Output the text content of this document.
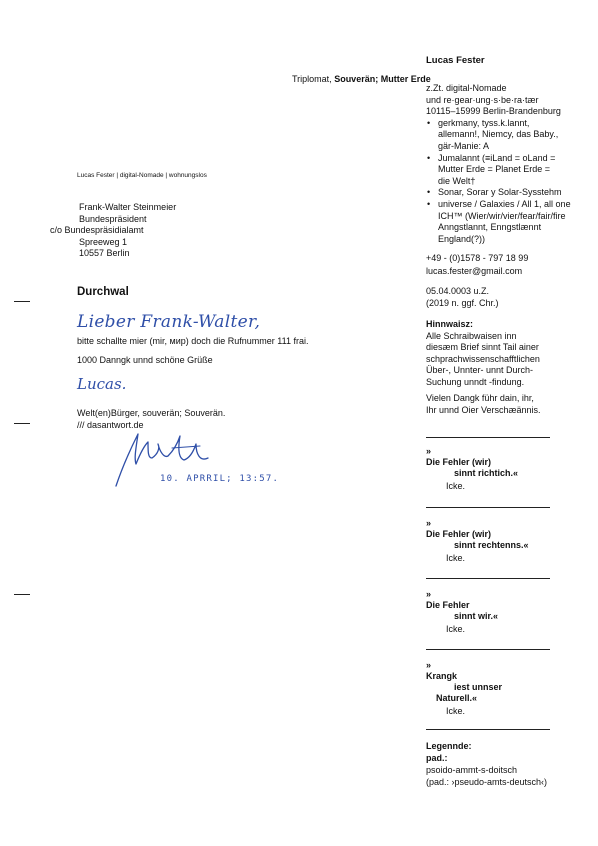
Triplomat, Souverän; Mutter Erde
Lucas Fester
z.Zt. digital-Nomade
und re·gear·ung·s·be·ra·tær
10115–15999 Berlin-Brandenburg
• gerkmany, tyss.k.lannt,
allemann!, Niemcy, das Baby.,
gär-Manie: A
• Jumalannt (≡iLand = oLand =
Mutter Erde = Planet Erde =
die Welt†
• Sonar, Sorar y Solar-Sysstehm
• universe / Galaxies / All 1, all one
ICH™ (Wier/wir/vier/fear/fair/fire
Anngstlannt, Enngstlænnt
England(?))
+49 - (0)1578 - 797 18 99
lucas.fester@gmail.com
05.04.0003 u.Z.
(2019 n. ggf. Chr.)
Hinnwaisz:
Alle Schraibwaisen inn
diesæm Brief sinnt Tail ainer
schprachwissenschafftlichen
Über-, Unnter- unnt Durch-
Suchung unndt -findung.
Vielen Dangk führ dain, ihr,
Ihr unnd Oier Verschæännis.
»
Die Fehler (wir)
sinnt richtich.«
Icke.
»
Die Fehler (wir)
sinnt rechtenns.«
Icke.
»
Die Fehler
sinnt wir.«
Icke.
»
Krangk
iest unnser
Naturell.«
Icke.
Legennde:
pad.:
psoido-ammt-s-doitsch
(pad.: ›pseudo-amts-deutsch‹)
Lucas Fester | digital-Nomade | wohnungslos
Frank-Walter Steinmeier
Bundespräsident
c/o Bundespräsidialamt
Spreeweg 1
10557 Berlin
Durchwal
Lieber Frank-Walter,
bitte schallte mier (mir, мир) doch die Rufnummer 111 frai.
1000 Danngk unnd schöne Grüße
Lucas.
Welt(en)Bürger, souverän; Souverän.
/// dasantwort.de
10. APRRIL; 13:57.
